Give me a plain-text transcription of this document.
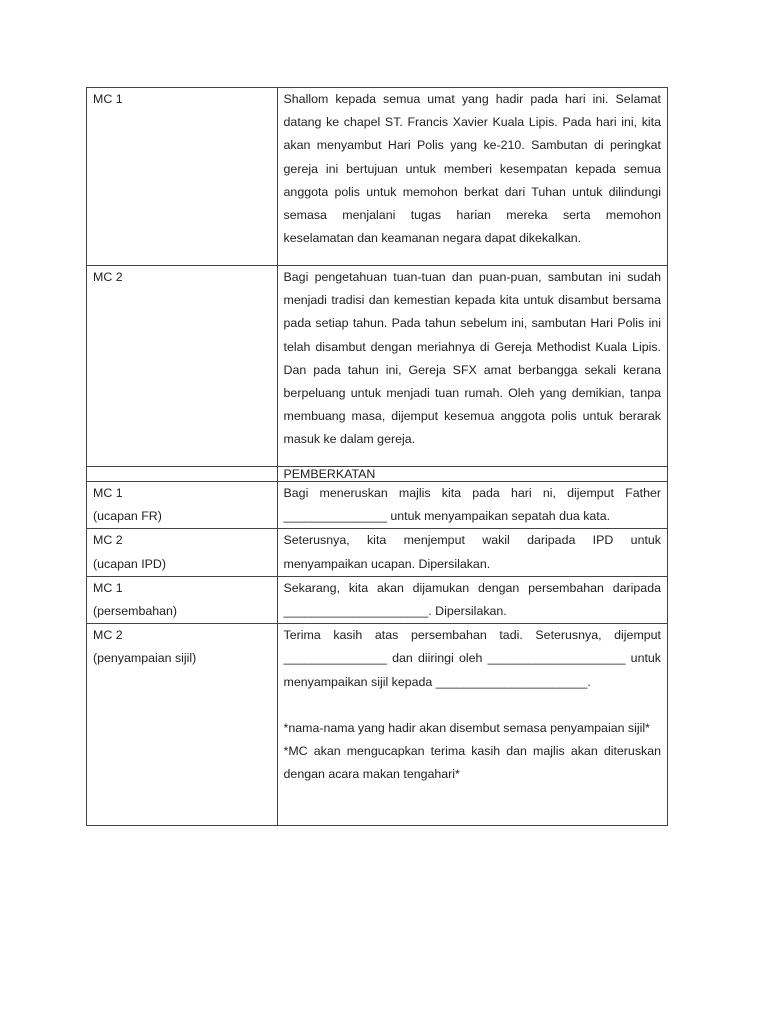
MC 1	Shallom kepada semua umat yang hadir pada hari ini. Selamat datang ke chapel ST. Francis Xavier Kuala Lipis. Pada hari ini, kita akan menyambut Hari Polis yang ke-210. Sambutan di peringkat gereja ini bertujuan untuk memberi kesempatan kepada semua anggota polis untuk memohon berkat dari Tuhan untuk dilindungi semasa menjalani tugas harian mereka serta memohon keselamatan dan keamanan negara dapat dikekalkan.

MC 2	Bagi pengetahuan tuan-tuan dan puan-puan, sambutan ini sudah menjadi tradisi dan kemestian kepada kita untuk disambut bersama pada setiap tahun. Pada tahun sebelum ini, sambutan Hari Polis ini telah disambut dengan meriahnya di Gereja Methodist Kuala Lipis. Dan pada tahun ini, Gereja SFX amat berbangga sekali kerana berpeluang untuk menjadi tuan rumah. Oleh yang demikian, tanpa membuang masa, dijemput kesemua anggota polis untuk berarak masuk ke dalam gereja.

	PEMBERKATAN

MC 1
(ucapan FR)	Bagi meneruskan majlis kita pada hari ni, dijemput Father _______________ untuk menyampaikan sepatah dua kata.

MC 2
(ucapan IPD)	Seterusnya, kita menjemput wakil daripada IPD untuk menyampaikan ucapan. Dipersilakan.

MC 1
(persembahan)	Sekarang, kita akan dijamukan dengan persembahan daripada _____________________. Dipersilakan.

MC 2
(penyampaian sijil)	Terima kasih atas persembahan tadi. Seterusnya, dijemput _______________ dan diiringi oleh ____________________ untuk menyampaikan sijil kepada ______________________.
*nama-nama yang hadir akan disembut semasa penyampaian sijil*
*MC akan mengucapkan terima kasih dan majlis akan diteruskan dengan acara makan tengahari*
